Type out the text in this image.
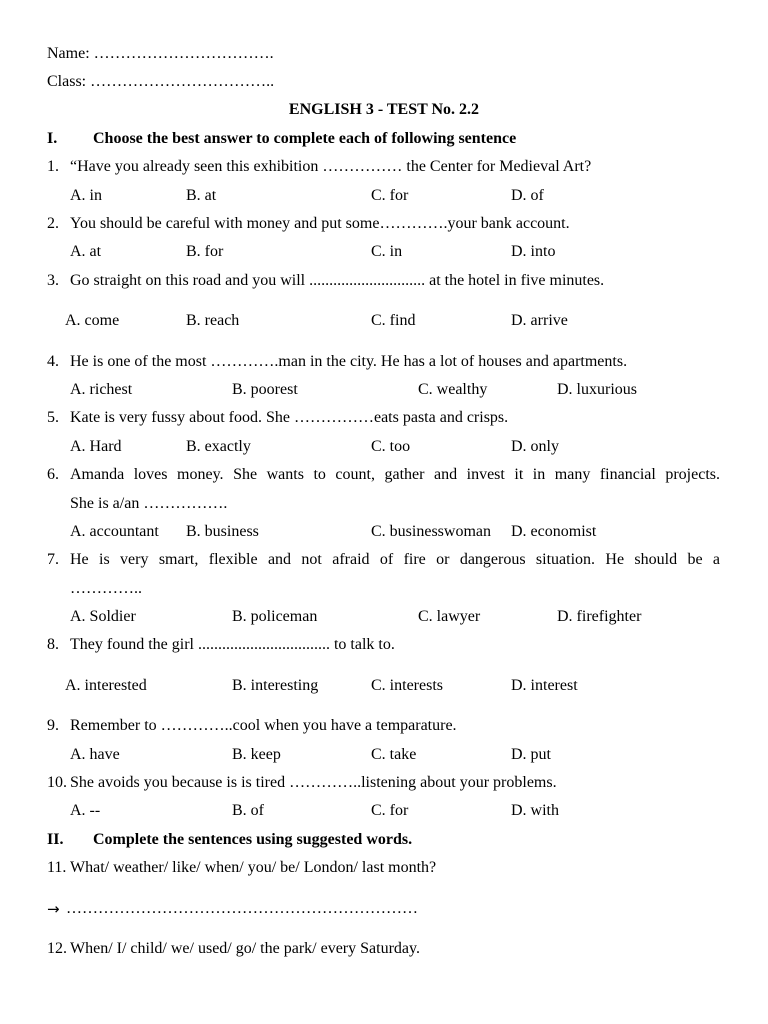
Name: …………………………….
Class: ……………………………..
ENGLISH 3 - TEST No. 2.2
I. Choose the best answer to complete each of following sentence
1. “Have you already seen this exhibition …………… the Center for Medieval Art?
A. in	B. at	C. for	D. of
2. You should be careful with money and put some………….your bank account.
A. at	B. for	C. in	D. into
3. Go straight on this road and you will ............................. at the hotel in five minutes.
A. come	B. reach	C. find	D. arrive
4. He is one of the most ………….man in the city. He has a lot of houses and apartments.
A. richest	B. poorest	C. wealthy	D. luxurious
5. Kate is very fussy about food. She ……………eats pasta and crisps.
A. Hard	B. exactly	C. too	D. only
6. Amanda loves money. She wants to count, gather and invest it in many financial projects.
She is a/an …………….
A. accountant B. business	C. businesswoman D. economist
7. He is very smart, flexible and not afraid of fire or dangerous situation. He should be a
…………..
A. Soldier	B. policeman	C. lawyer	D. firefighter
8. They found the girl ................................. to talk to.
A. interested	B. interesting	C. interests	D. interest
9. Remember to …………..cool when you have a temparature.
A. have	B. keep	C. take	D. put
10. She avoids you because is is tired …………..listening about your problems.
A. --	B. of	C. for	D. with
II. Complete the sentences using suggested words.
11. What/ weather/ like/ when/ you/ be/ London/ last month?
→ …………………………………………………………
12. When/ I/ child/ we/ used/ go/ the park/ every Saturday.
